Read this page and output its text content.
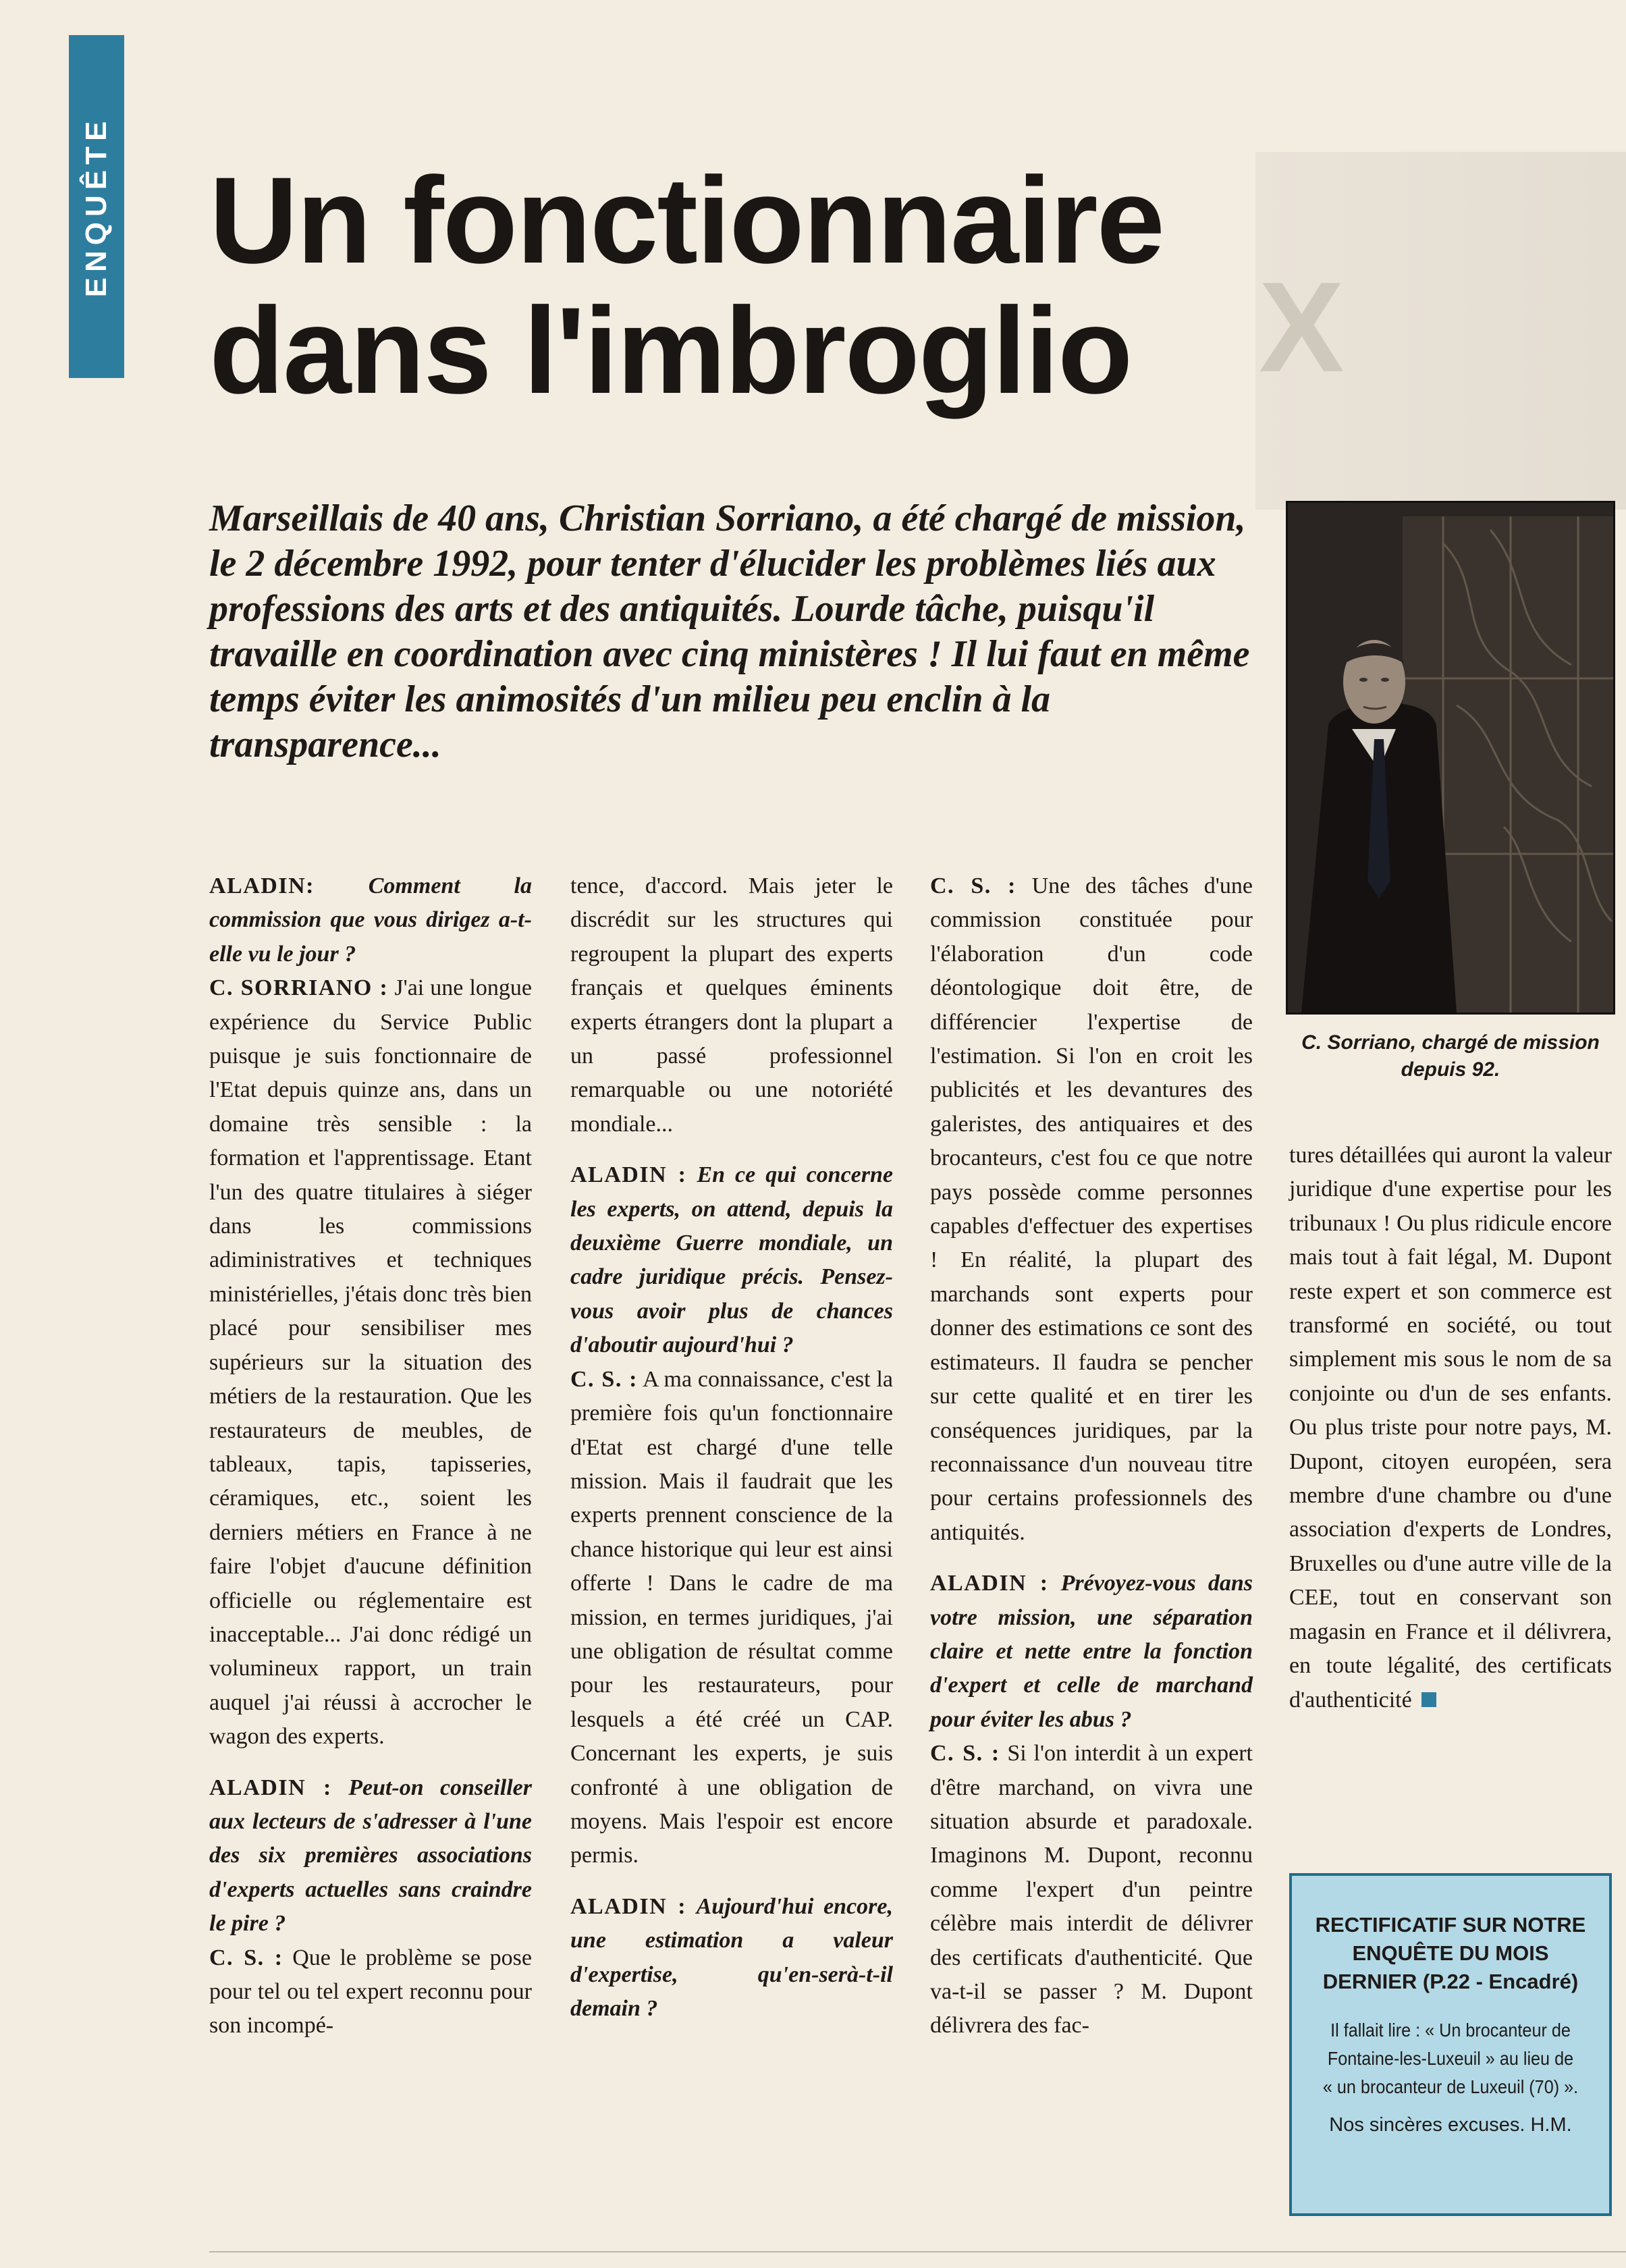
X
ENQUÊTE Un fonctionnaire dans l'imbroglio

Marseillais de 40 ans, Christian Sorriano, a été chargé de mission, le 2 décembre 1992, pour tenter d'élucider les problèmes liés aux professions des arts et des antiquités. Lourde tâche, puisqu'il travaille en coordination avec cinq ministères ! Il lui faut en même temps éviter les animosités d'un milieu peu enclin à la transparence...

C. Sorriano, chargé de mission depuis 92.

ALADIN: Comment la commission que vous dirigez a-t-elle vu le jour ?

C. SORRIANO : J'ai une longue expérience du Service Public puisque je suis fonctionnaire de l'Etat depuis quinze ans, dans un domaine très sensible : la formation et l'apprentissage. Etant l'un des quatre titulaires à siéger dans les commissions adiministratives et techniques ministérielles, j'étais donc très bien placé pour sensibiliser mes supérieurs sur la situation des métiers de la restauration. Que les restaurateurs de meubles, de tableaux, tapis, tapisseries, céramiques, etc., soient les derniers métiers en France à ne faire l'objet d'aucune définition officielle ou réglementaire est inacceptable... J'ai donc rédigé un volumineux rapport, un train auquel j'ai réussi à accrocher le wagon des experts.

ALADIN : Peut-on conseiller aux lecteurs de s'adresser à l'une des six premières associations d'experts actuelles sans craindre le pire ?

C. S. : Que le problème se pose pour tel ou tel expert reconnu pour son incompé-

tence, d'accord. Mais jeter le discrédit sur les structures qui regroupent la plupart des experts français et quelques éminents experts étrangers dont la plupart a un passé professionnel remarquable ou une notoriété mondiale...

ALADIN : En ce qui concerne les experts, on attend, depuis la deuxième Guerre mondiale, un cadre juridique précis. Pensez-vous avoir plus de chances d'aboutir aujourd'hui ?

C. S. : A ma connaissance, c'est la première fois qu'un fonctionnaire d'Etat est chargé d'une telle mission. Mais il faudrait que les experts prennent conscience de la chance historique qui leur est ainsi offerte ! Dans le cadre de ma mission, en termes juridiques, j'ai une obligation de résultat comme pour les restaurateurs, pour lesquels a été créé un CAP. Concernant les experts, je suis confronté à une obligation de moyens. Mais l'espoir est encore permis.

ALADIN : Aujourd'hui encore, une estimation a valeur d'expertise, qu'en-serà-t-il demain ?

C. S. : Une des tâches d'une commission constituée pour l'élaboration d'un code déontologique doit être, de différencier l'expertise de l'estimation. Si l'on en croit les publicités et les devantures des galeristes, des antiquaires et des brocanteurs, c'est fou ce que notre pays possède comme personnes capables d'effectuer des expertises ! En réalité, la plupart des marchands sont experts pour donner des estimations ce sont des estimateurs. Il faudra se pencher sur cette qualité et en tirer les conséquences juridiques, par la reconnaissance d'un nouveau titre pour certains professionnels des antiquités.

ALADIN : Prévoyez-vous dans votre mission, une séparation claire et nette entre la fonction d'expert et celle de marchand pour éviter les abus ?

C. S. : Si l'on interdit à un expert d'être marchand, on vivra une situation absurde et paradoxale. Imaginons M. Dupont, reconnu comme l'expert d'un peintre célèbre mais interdit de délivrer des certificats d'authenticité. Que va-t-il se passer ? M. Dupont délivrera des fac-

tures détaillées qui auront la valeur juridique d'une expertise pour les tribunaux ! Ou plus ridicule encore mais tout à fait légal, M. Dupont reste expert et son commerce est transformé en société, ou tout simplement mis sous le nom de sa conjointe ou d'un de ses enfants. Ou plus triste pour notre pays, M. Dupont, citoyen européen, sera membre d'une chambre ou d'une association d'experts de Londres, Bruxelles ou d'une autre ville de la CEE, tout en conservant son magasin en France et il délivrera, en toute légalité, des certificats d'authenticité

RECTIFICATIF SUR NOTRE ENQUÊTE DU MOIS DERNIER (P.22 - Encadré)
Il fallait lire : « Un brocanteur de Fontaine-les-Luxeuil » au lieu de « un brocanteur de Luxeuil (70) ».
Nos sincères excuses. H.M.
